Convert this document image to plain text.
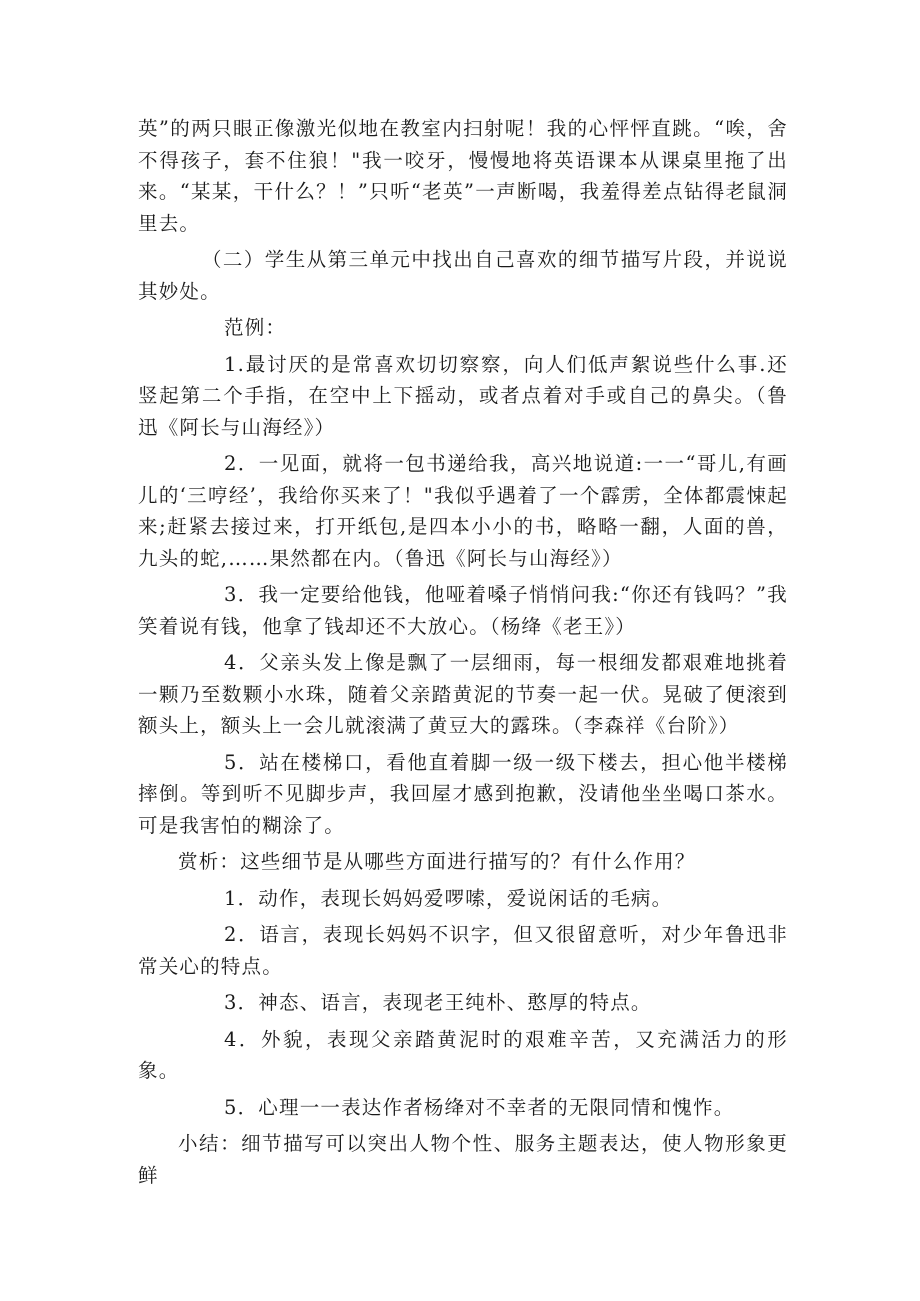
英”的两只眼正像激光似地在教室内扫射呢！我的心怦怦直跳。“唉，舍不得孩子，套不住狼！"我一咬牙，慢慢地将英语课本从课桌里拖了出来。“某某，干什么？！”只听“老英”一声断喝，我羞得差点钻得老鼠洞里去。

（二）学生从第三单元中找出自己喜欢的细节描写片段，并说说其妙处。

范例：

1.最讨厌的是常喜欢切切察察，向人们低声絮说些什么事.还竖起第二个手指，在空中上下摇动，或者点着对手或自己的鼻尖。（鲁迅《阿长与山海经》）

2．一见面，就将一包书递给我，高兴地说道:一一“哥儿,有画儿的‘三哼经’，我给你买来了！"我似乎遇着了一个霹雳，全体都震悚起来;赶紧去接过来，打开纸包,是四本小小的书，略略一翻，人面的兽，九头的蛇,……果然都在内。（鲁迅《阿长与山海经》）

3．我一定要给他钱，他哑着嗓子悄悄问我:“你还有钱吗？”我笑着说有钱，他拿了钱却还不大放心。（杨绛《老王》）

4．父亲头发上像是飘了一层细雨，每一根细发都艰难地挑着一颗乃至数颗小水珠，随着父亲踏黄泥的节奏一起一伏。晃破了便滚到额头上，额头上一会儿就滚满了黄豆大的露珠。（李森祥《台阶》）

5．站在楼梯口，看他直着脚一级一级下楼去，担心他半楼梯摔倒。等到听不见脚步声，我回屋才感到抱歉，没请他坐坐喝口茶水。可是我害怕的糊涂了。

赏析：这些细节是从哪些方面进行描写的？有什么作用？

1．动作，表现长妈妈爱啰嗦，爱说闲话的毛病。

2．语言，表现长妈妈不识字，但又很留意听，对少年鲁迅非常关心的特点。

3．神态、语言，表现老王纯朴、憨厚的特点。

4．外貌，表现父亲踏黄泥时的艰难辛苦，又充满活力的形象。

5．心理一一表达作者杨绛对不幸者的无限同情和愧怍。

小结：细节描写可以突出人物个性、服务主题表达，使人物形象更鲜
